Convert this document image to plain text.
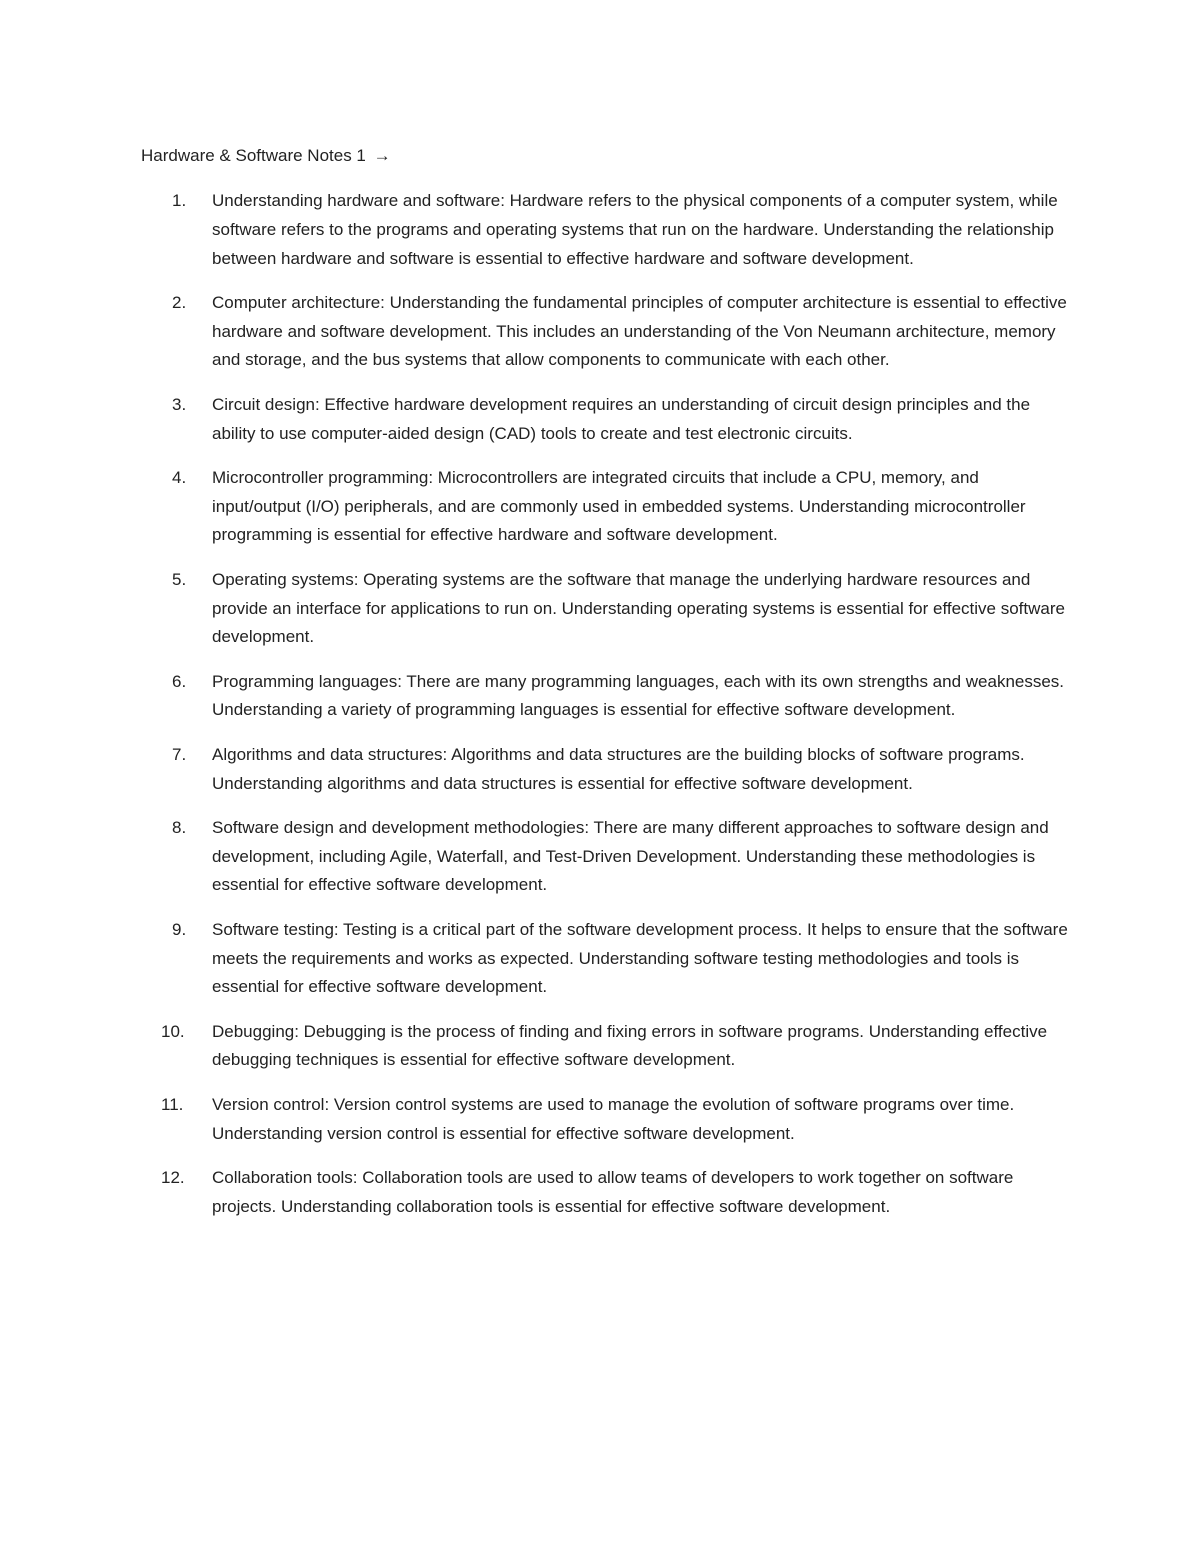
Hardware & Software Notes 1 →
1.	Understanding hardware and software: Hardware refers to the physical components of a computer system, while software refers to the programs and operating systems that run on the hardware. Understanding the relationship between hardware and software is essential to effective hardware and software development.
2.	Computer architecture: Understanding the fundamental principles of computer architecture is essential to effective hardware and software development. This includes an understanding of the Von Neumann architecture, memory and storage, and the bus systems that allow components to communicate with each other.
3.	Circuit design: Effective hardware development requires an understanding of circuit design principles and the ability to use computer-aided design (CAD) tools to create and test electronic circuits.
4.	Microcontroller programming: Microcontrollers are integrated circuits that include a CPU, memory, and input/output (I/O) peripherals, and are commonly used in embedded systems. Understanding microcontroller programming is essential for effective hardware and software development.
5.	Operating systems: Operating systems are the software that manage the underlying hardware resources and provide an interface for applications to run on. Understanding operating systems is essential for effective software development.
6.	Programming languages: There are many programming languages, each with its own strengths and weaknesses. Understanding a variety of programming languages is essential for effective software development.
7.	Algorithms and data structures: Algorithms and data structures are the building blocks of software programs. Understanding algorithms and data structures is essential for effective software development.
8.	Software design and development methodologies: There are many different approaches to software design and development, including Agile, Waterfall, and Test-Driven Development. Understanding these methodologies is essential for effective software development.
9.	Software testing: Testing is a critical part of the software development process. It helps to ensure that the software meets the requirements and works as expected. Understanding software testing methodologies and tools is essential for effective software development.
10.	Debugging: Debugging is the process of finding and fixing errors in software programs. Understanding effective debugging techniques is essential for effective software development.
11.	Version control: Version control systems are used to manage the evolution of software programs over time. Understanding version control is essential for effective software development.
12.	Collaboration tools: Collaboration tools are used to allow teams of developers to work together on software projects. Understanding collaboration tools is essential for effective software development.
